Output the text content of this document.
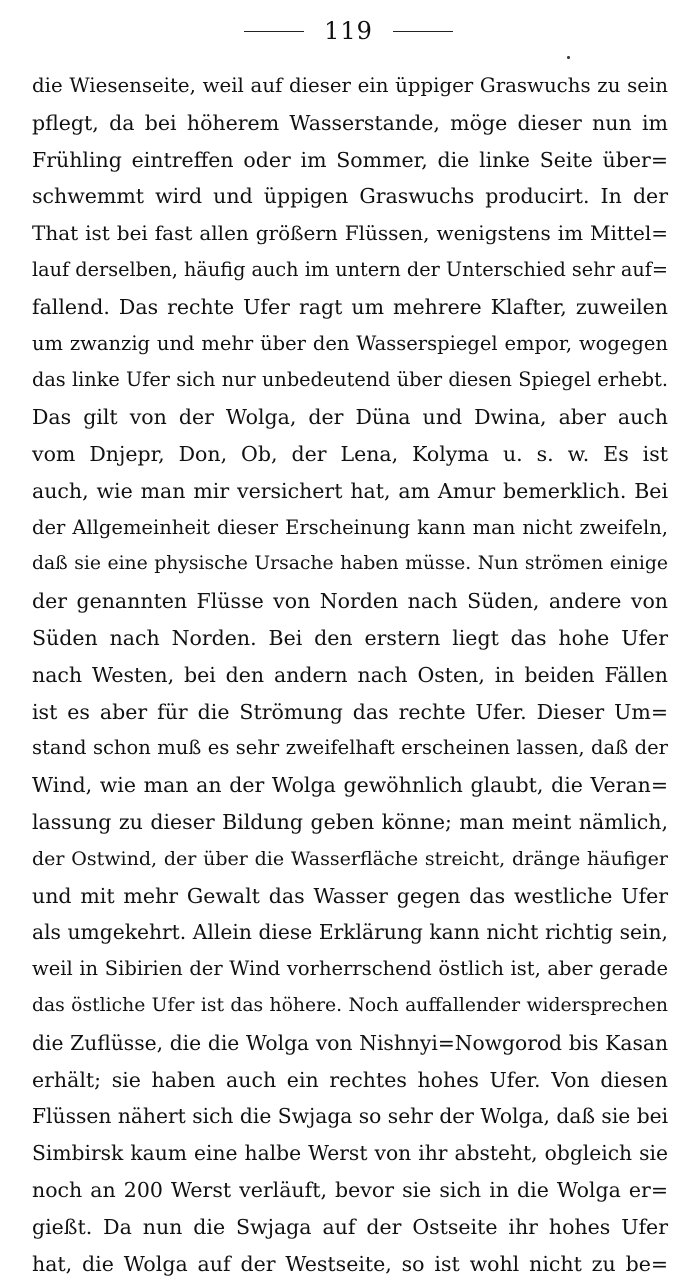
119
die Wiesenseite, weil auf dieser ein üppiger Graswuchs zu sein
pflegt, da bei höherem Wasserstande, möge dieser nun im
Frühling eintreffen oder im Sommer, die linke Seite über=
schwemmt wird und üppigen Graswuchs producirt. In der
That ist bei fast allen größern Flüssen, wenigstens im Mittel=
lauf derselben, häufig auch im untern der Unterschied sehr auf=
fallend. Das rechte Ufer ragt um mehrere Klafter, zuweilen
um zwanzig und mehr über den Wasserspiegel empor, wogegen
das linke Ufer sich nur unbedeutend über diesen Spiegel erhebt.
Das gilt von der Wolga, der Düna und Dwina, aber auch
vom Dnjepr, Don, Ob, der Lena, Kolyma u. s. w. Es ist
auch, wie man mir versichert hat, am Amur bemerklich. Bei
der Allgemeinheit dieser Erscheinung kann man nicht zweifeln,
daß sie eine physische Ursache haben müsse. Nun strömen einige
der genannten Flüsse von Norden nach Süden, andere von
Süden nach Norden. Bei den erstern liegt das hohe Ufer
nach Westen, bei den andern nach Osten, in beiden Fällen
ist es aber für die Strömung das rechte Ufer. Dieser Um=
stand schon muß es sehr zweifelhaft erscheinen lassen, daß der
Wind, wie man an der Wolga gewöhnlich glaubt, die Veran=
lassung zu dieser Bildung geben könne; man meint nämlich,
der Ostwind, der über die Wasserfläche streicht, dränge häufiger
und mit mehr Gewalt das Wasser gegen das westliche Ufer
als umgekehrt. Allein diese Erklärung kann nicht richtig sein,
weil in Sibirien der Wind vorherrschend östlich ist, aber gerade
das östliche Ufer ist das höhere. Noch auffallender widersprechen
die Zuflüsse, die die Wolga von Nishnyi=Nowgorod bis Kasan
erhält; sie haben auch ein rechtes hohes Ufer. Von diesen
Flüssen nähert sich die Swjaga so sehr der Wolga, daß sie bei
Simbirsk kaum eine halbe Werst von ihr absteht, obgleich sie
noch an 200 Werst verläuft, bevor sie sich in die Wolga er=
gießt. Da nun die Swjaga auf der Ostseite ihr hohes Ufer
hat, die Wolga auf der Westseite, so ist wohl nicht zu be=
